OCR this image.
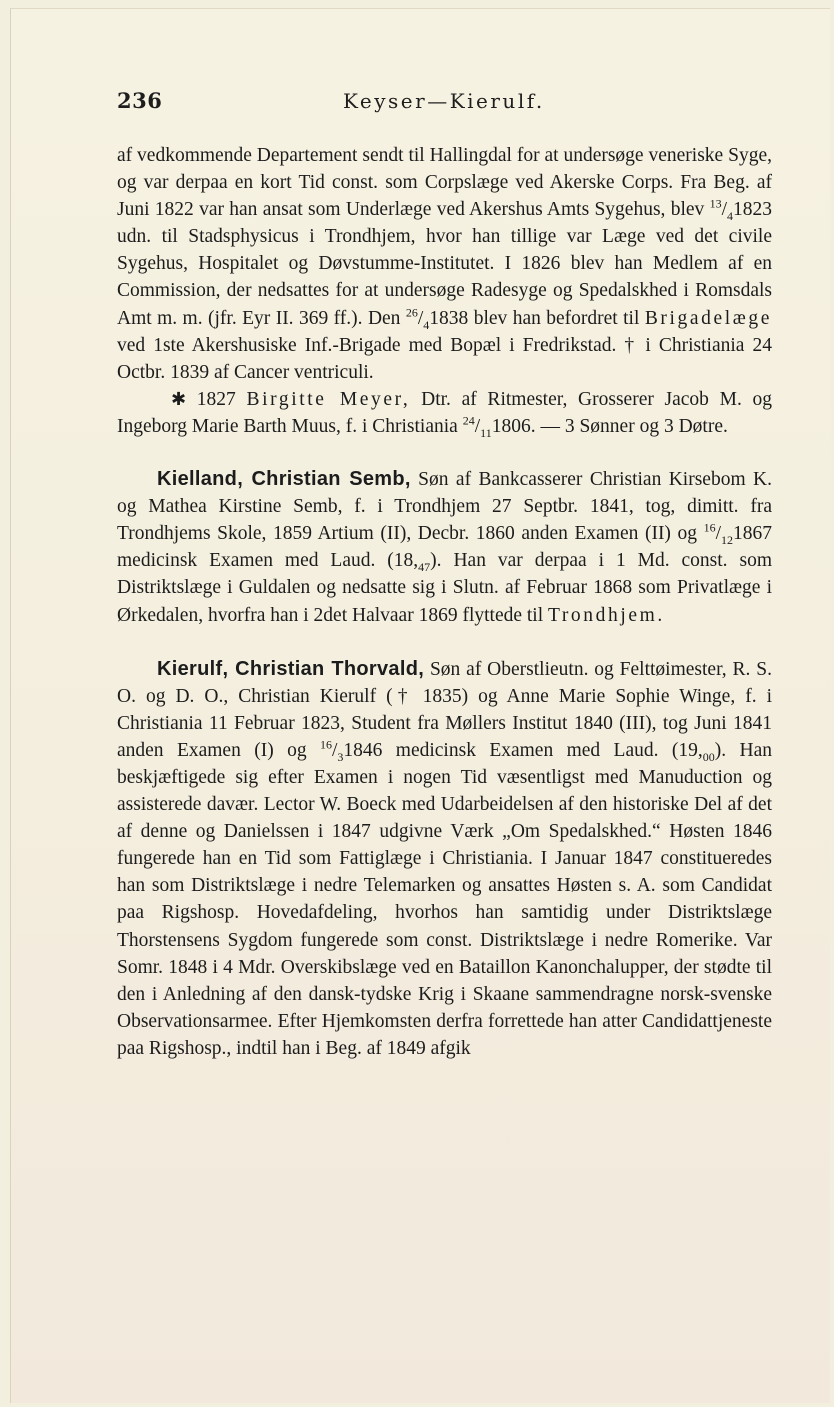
236	Keyser—Kierulf.

af vedkommende Departement sendt til Hallingdal for at undersøge veneriske Syge, og var derpaa en kort Tid const. som Corpslæge ved Akerske Corps. Fra Beg. af Juni 1822 var han ansat som Underlæge ved Akershus Amts Sygehus, blev $^{13}/_41823$ udn. til Stadsphysicus i Trondhjem, hvor han tillige var Læge ved det civile Sygehus, Hospitalet og Døvstumme-Institutet. I 1826 blev han Medlem af en Commission, der nedsattes for at undersøge Radesyge og Spedalskhed i Romsdals Amt m. m. (jfr. Eyr II. 369 ff.). Den $^{26}/_41838$ blev han befordret til Brigadelæge ved 1ste Akershusiske Inf.-Brigade med Bopæl i Fredrikstad. † i Christiania 24 Octbr. 1839 af Cancer ventriculi.

✱ 1827 Birgitte Meyer, Dtr. af Ritmester, Grosserer Jacob M. og Ingeborg Marie Barth Muus, f. i Christiania $^{24}/_{11}1806$. — 3 Sønner og 3 Døtre.

Kielland, Christian Semb, Søn af Bankcasserer Christian Kirsebom K. og Mathea Kirstine Semb, f. i Trondhjem 27 Septbr. 1841, tog, dimitt. fra Trondhjems Skole, 1859 Artium (II), Decbr. 1860 anden Examen (II) og $^{16}/_{12}1867$ medicinsk Examen med Laud. $(18,_{47})$. Han var derpaa i 1 Md. const. som Distriktslæge i Guldalen og nedsatte sig i Slutn. af Februar 1868 som Privatlæge i Ørkedalen, hvorfra han i 2det Halvaar 1869 flyttede til Trondhjem.

Kierulf, Christian Thorvald, Søn af Oberstlieutn. og Felttøimester, R. S. O. og D. O., Christian Kierulf († 1835) og Anne Marie Sophie Winge, f. i Christiania 11 Februar 1823, Student fra Møllers Institut 1840 (III), tog Juni 1841 anden Examen (I) og $^{16}/_31846$ medicinsk Examen med Laud. $(19,_{00})$. Han beskjæftigede sig efter Examen i nogen Tid væsentligst med Manuduction og assisterede davær. Lector W. Boeck med Udarbeidelsen af den historiske Del af det af denne og Danielssen i 1847 udgivne Værk „Om Spedalskhed.“ Høsten 1846 fungerede han en Tid som Fattiglæge i Christiania. I Januar 1847 constitueredes han som Distriktslæge i nedre Telemarken og ansattes Høsten s. A. som Candidat paa Rigshosp. Hovedafdeling, hvorhos han samtidig under Distriktslæge Thorstensens Sygdom fungerede som const. Distriktslæge i nedre Romerike. Var Somr. 1848 i 4 Mdr. Overskibslæge ved en Bataillon Kanonchalupper, der stødte til den i Anledning af den dansk-tydske Krig i Skaane sammendragne norsk-svenske Observationsarmee. Efter Hjemkomsten derfra forrettede han atter Candidattjeneste paa Rigshosp., indtil han i Beg. af 1849 afgik
